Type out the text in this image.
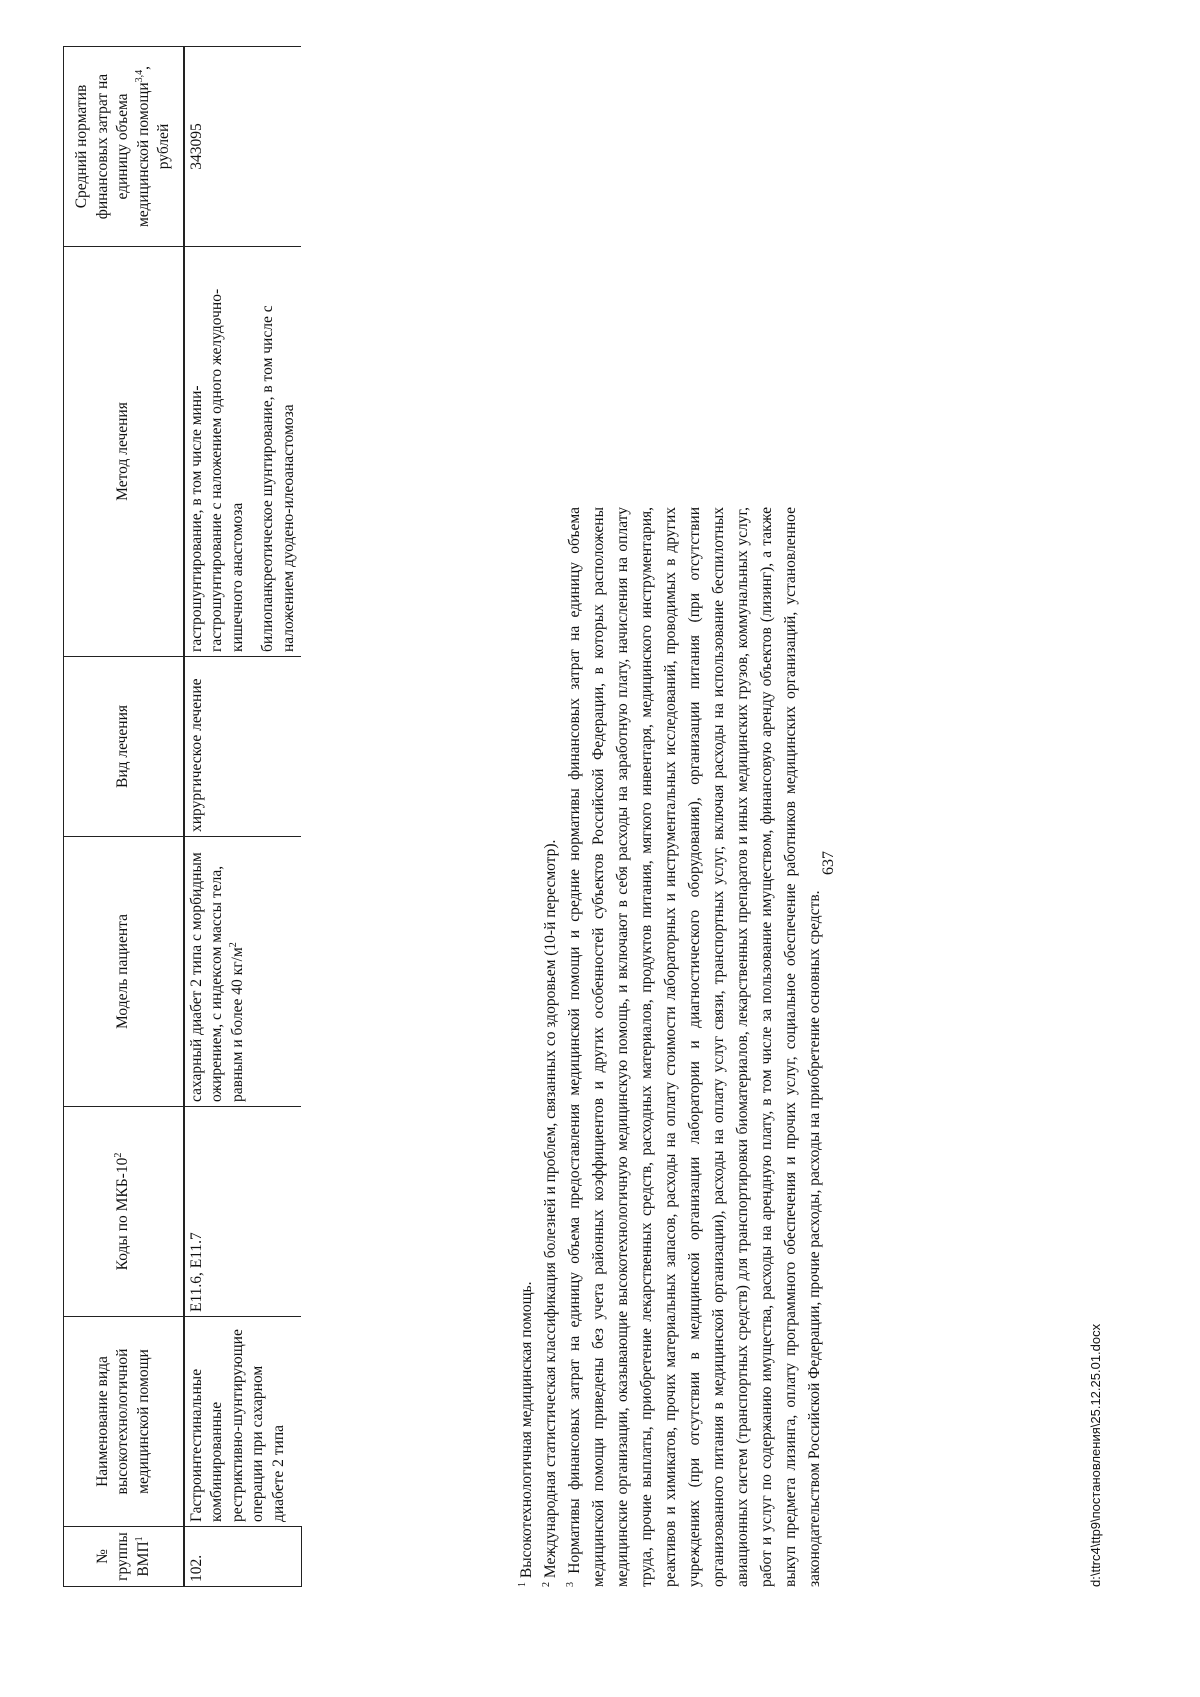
637
№ группы ВМП$^1$	Наименование вида высокотехнологичной медицинской помощи	Коды по МКБ-$10^2$	Модель пациента	Вид лечения	Метод лечения	Средний норматив финансовых затрат на единицу объема медицинской помощи$^{3,4}$, рублей
102.	Гастроинтестинальные комбинированные рестриктивно-шунтирующие операции при сахарном диабете 2 типа	E11.6, E11.7	сахарный диабет 2 типа с морбидным ожирением, с индексом массы тела, равным и более 40 $кг/м^2$	хирургическое лечение	гастрошунтирование, в том числе мини-гастрошунтирование с наложением одного желудочно-кишечного анастомоза билиопанкреотическое шунтирование, в том числе с наложением дуодено-илеоанастомоза	343095

$^1$ Высокотехнологичная медицинская помощь.

$^2$ Международная статистическая классификация болезней и проблем, связанных со здоровьем (10-й пересмотр).

$^3$ Нормативы финансовых затрат на единицу объема предоставления медицинской помощи и средние нормативы финансовых затрат на единицу объема медицинской помощи приведены без учета районных коэффициентов и других особенностей субъектов Российской Федерации, в которых расположены медицинские организации, оказывающие высокотехнологичную медицинскую помощь, и включают в себя расходы на заработную плату, начисления на оплату труда, прочие выплаты, приобретение лекарственных средств, расходных материалов, продуктов питания, мягкого инвентаря, медицинского инструментария, реактивов и химикатов, прочих материальных запасов, расходы на оплату стоимости лабораторных и инструментальных исследований, проводимых в других учреждениях (при отсутствии в медицинской организации лаборатории и диагностического оборудования), организации питания (при отсутствии организованного питания в медицинской организации), расходы на оплату услуг связи, транспортных услуг, включая расходы на использование беспилотных авиационных систем (транспортных средств) для транспортировки биоматериалов, лекарственных препаратов и иных медицинских грузов, коммунальных услуг, работ и услуг по содержанию имущества, расходы на арендную плату, в том числе за пользование имуществом, финансовую аренду объектов (лизинг), а также выкуп предмета лизинга, оплату программного обеспечения и прочих услуг, социальное обеспечение работников медицинских организаций, установленное законодательством Российской Федерации, прочие расходы, расходы на приобретение основных средств.	d:\ttrc4\ttp9\постановления\25.12.25.01.docx
